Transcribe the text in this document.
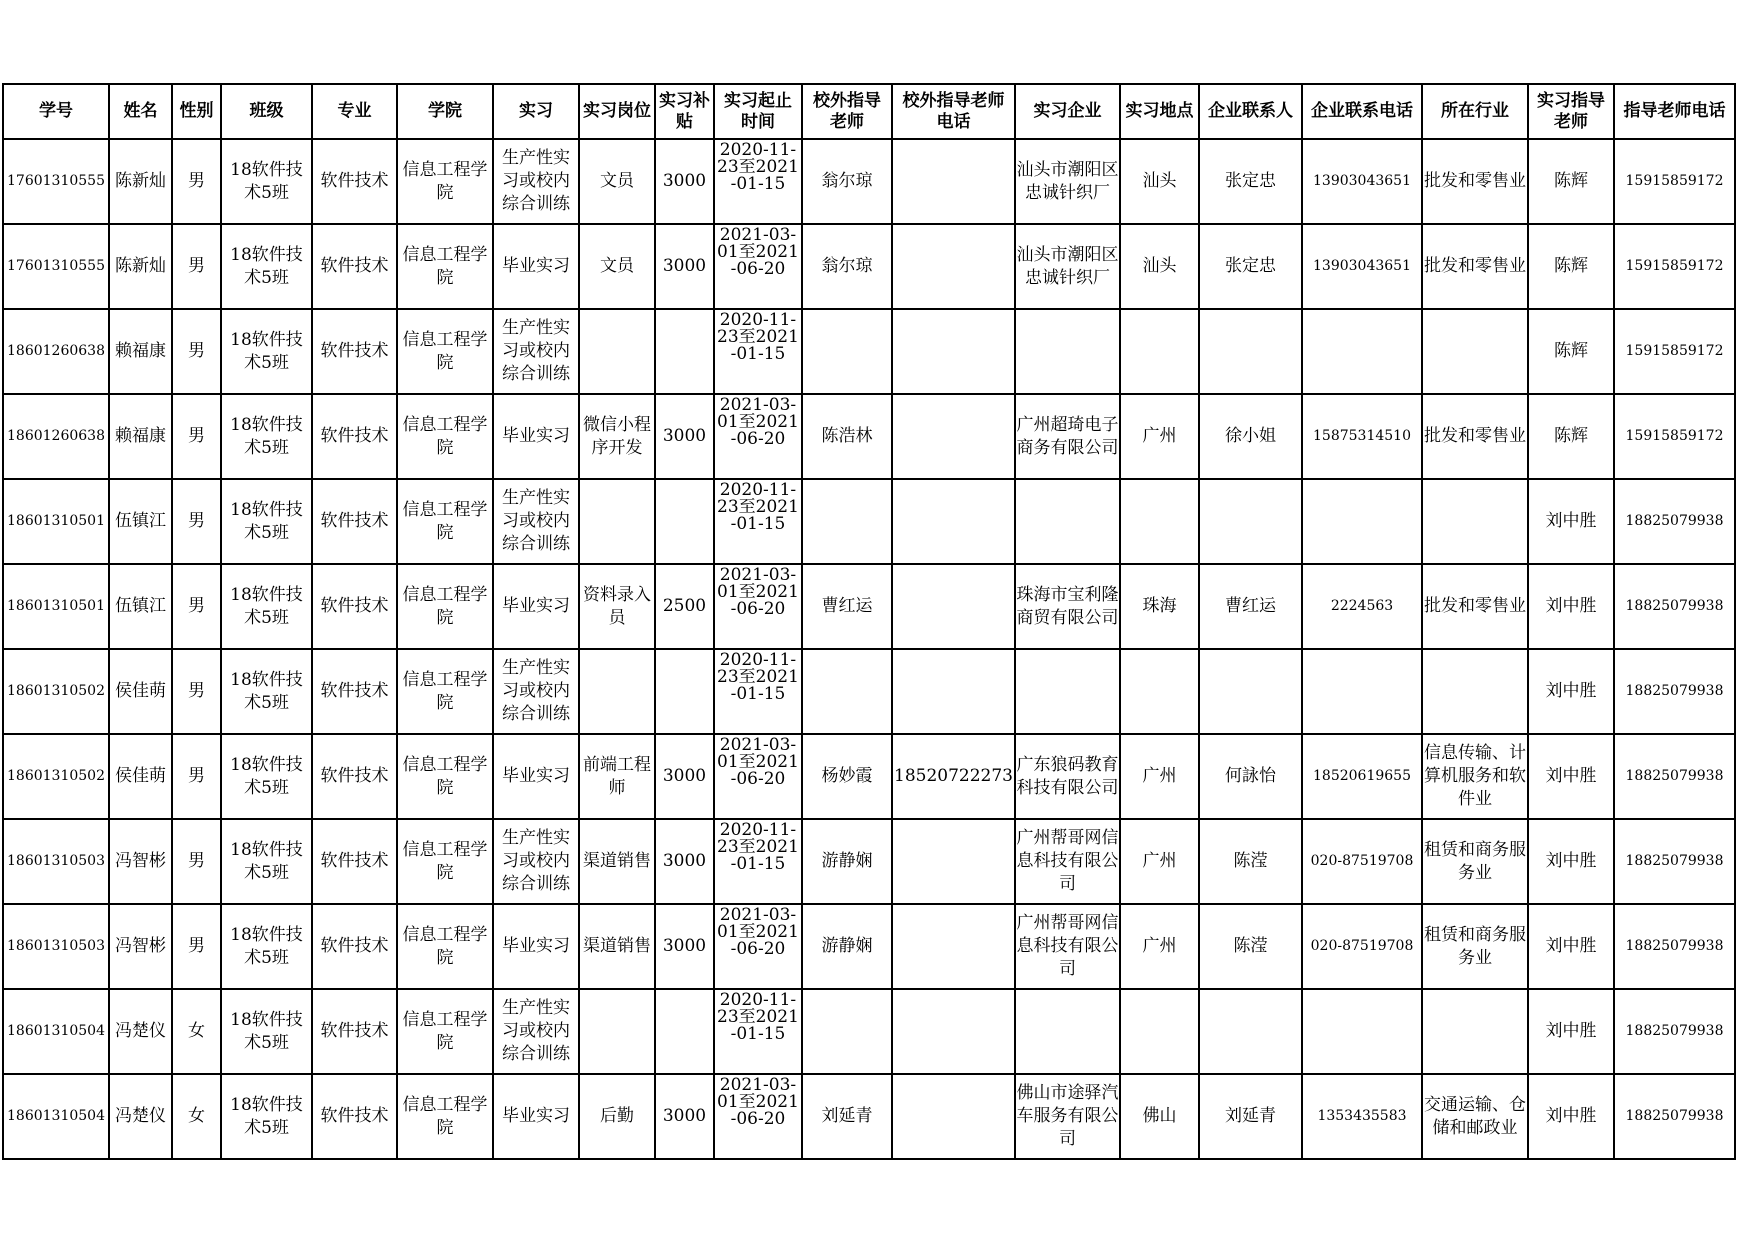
学号	姓名	性别	班级	专业	学院	实习	实习岗位	实习补贴	实习起止时间	校外指导老师	校外指导老师电话	实习企业	实习地点	企业联系人	企业联系电话	所在行业	实习指导老师	指导老师电话
17601310555	陈新灿	男	18软件技术5班	软件技术	信息工程学院	生产性实习或校内综合训练	文员	3000	2020-11-23至2021-01-15	翁尔琼		汕头市潮阳区忠诚针织厂	汕头	张定忠	13903043651	批发和零售业	陈辉	15915859172
17601310555	陈新灿	男	18软件技术5班	软件技术	信息工程学院	毕业实习	文员	3000	2021-03-01至2021-06-20	翁尔琼		汕头市潮阳区忠诚针织厂	汕头	张定忠	13903043651	批发和零售业	陈辉	15915859172
18601260638	赖福康	男	18软件技术5班	软件技术	信息工程学院	生产性实习或校内综合训练			2020-11-23至2021-01-15								陈辉	15915859172
18601260638	赖福康	男	18软件技术5班	软件技术	信息工程学院	毕业实习	微信小程序开发	3000	2021-03-01至2021-06-20	陈浩林		广州超琦电子商务有限公司	广州	徐小姐	15875314510	批发和零售业	陈辉	15915859172
18601310501	伍镇江	男	18软件技术5班	软件技术	信息工程学院	生产性实习或校内综合训练			2020-11-23至2021-01-15								刘中胜	18825079938
18601310501	伍镇江	男	18软件技术5班	软件技术	信息工程学院	毕业实习	资料录入员	2500	2021-03-01至2021-06-20	曹红运		珠海市宝利隆商贸有限公司	珠海	曹红运	2224563	批发和零售业	刘中胜	18825079938
18601310502	侯佳萌	男	18软件技术5班	软件技术	信息工程学院	生产性实习或校内综合训练			2020-11-23至2021-01-15								刘中胜	18825079938
18601310502	侯佳萌	男	18软件技术5班	软件技术	信息工程学院	毕业实习	前端工程师	3000	2021-03-01至2021-06-20	杨妙霞	18520722273	广东狼码教育科技有限公司	广州	何詠怡	18520619655	信息传输、计算机服务和软件业	刘中胜	18825079938
18601310503	冯智彬	男	18软件技术5班	软件技术	信息工程学院	生产性实习或校内综合训练	渠道销售	3000	2020-11-23至2021-01-15	游静娴		广州帮哥网信息科技有限公司	广州	陈滢	020-87519708	租赁和商务服务业	刘中胜	18825079938
18601310503	冯智彬	男	18软件技术5班	软件技术	信息工程学院	毕业实习	渠道销售	3000	2021-03-01至2021-06-20	游静娴		广州帮哥网信息科技有限公司	广州	陈滢	020-87519708	租赁和商务服务业	刘中胜	18825079938
18601310504	冯楚仪	女	18软件技术5班	软件技术	信息工程学院	生产性实习或校内综合训练			2020-11-23至2021-01-15								刘中胜	18825079938
18601310504	冯楚仪	女	18软件技术5班	软件技术	信息工程学院	毕业实习	后勤	3000	2021-03-01至2021-06-20	刘延青		佛山市途驿汽车服务有限公司	佛山	刘延青	1353435583	交通运输、仓储和邮政业	刘中胜	18825079938
